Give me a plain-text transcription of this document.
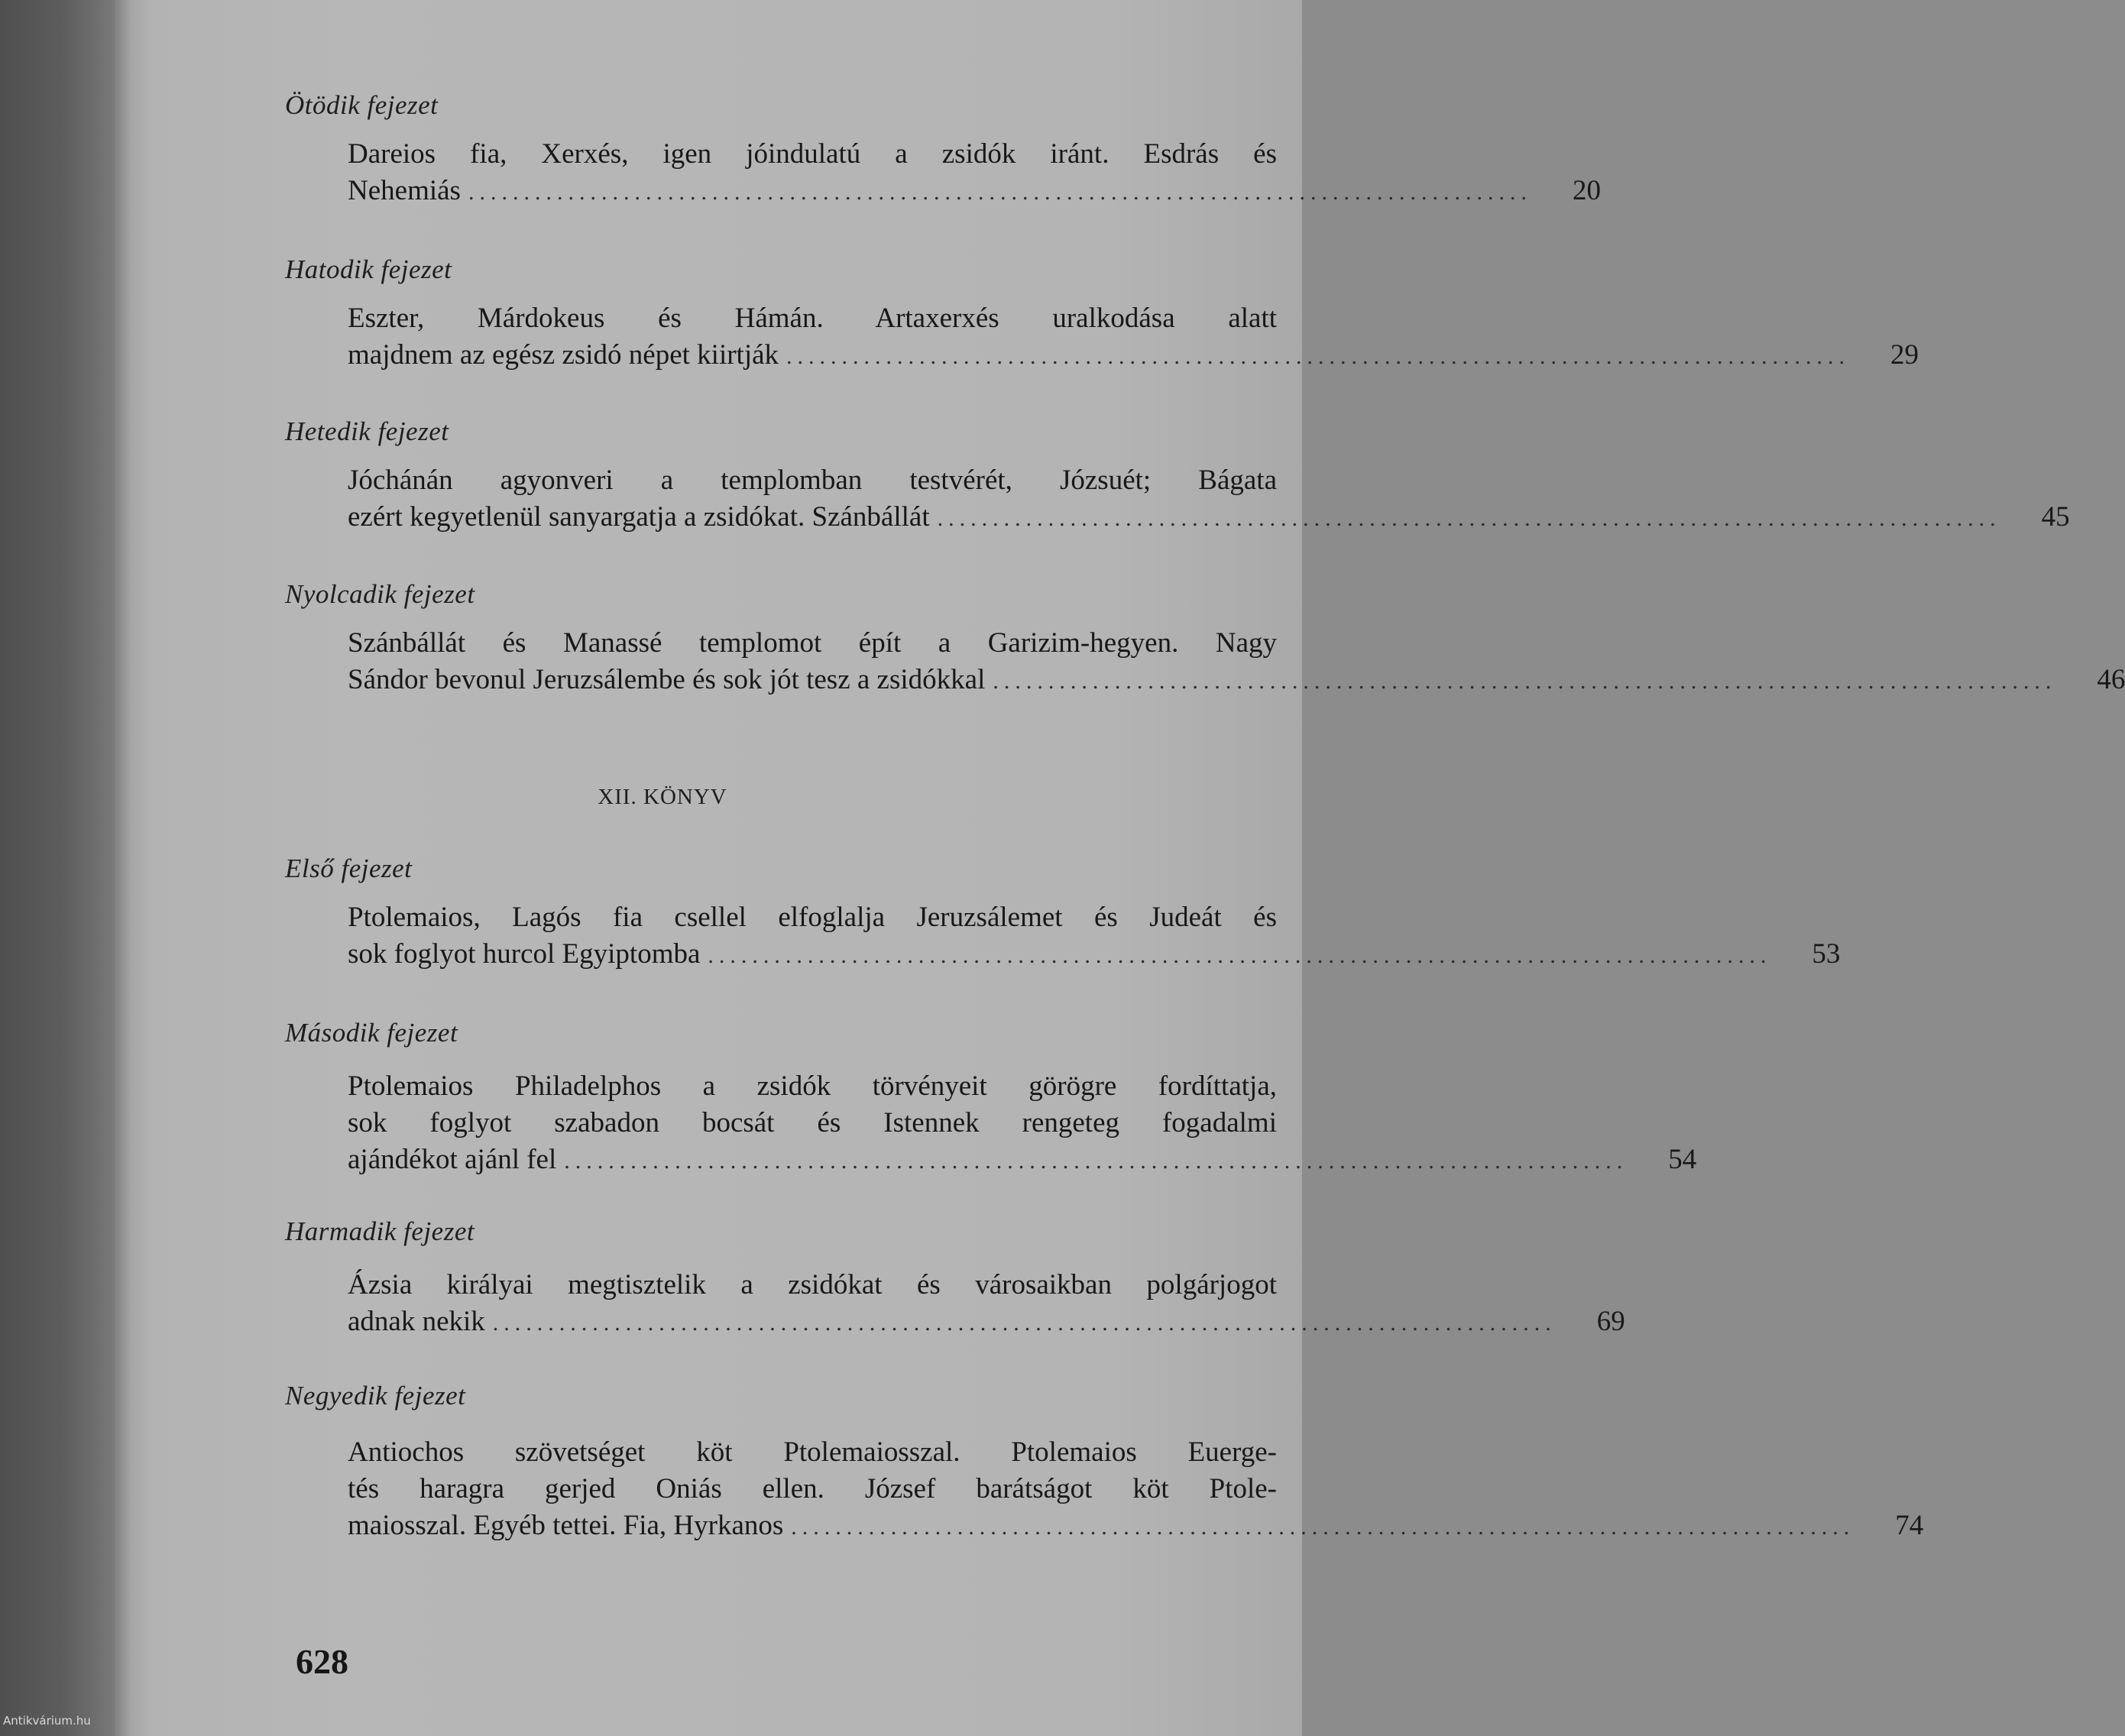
Ötödik fejezet

Dareios fia, Xerxés, igen jóindulatú a zsidók iránt. Esdrás és
Nehemiás ................................................................................................	20

Hatodik fejezet

Eszter, Márdokeus és Hámán. Artaxerxés uralkodása alatt
majdnem az egész zsidó népet kiirtják ................................................................................................	29

Hetedik fejezet

Jóchánán agyonveri a templomban testvérét, Józsuét; Bágata
ezért kegyetlenül sanyargatja a zsidókat. Szánbállát ................................................................................................	45

Nyolcadik fejezet

Szánbállát és Manassé templomot épít a Garizim-hegyen. Nagy
Sándor bevonul Jeruzsálembe és sok jót tesz a zsidókkal ................................................................................................	46
XII. KÖNYV

Első fejezet

Ptolemaios, Lagós fia csellel elfoglalja Jeruzsálemet és Judeát és
sok foglyot hurcol Egyiptomba ................................................................................................	53

Második fejezet

Ptolemaios Philadelphos a zsidók törvényeit görögre fordíttatja,
sok foglyot szabadon bocsát és Istennek rengeteg fogadalmi
ajándékot ajánl fel ................................................................................................	54

Harmadik fejezet

Ázsia királyai megtisztelik a zsidókat és városaikban polgárjogot
adnak nekik ................................................................................................	69

Negyedik fejezet

Antiochos szövetséget köt Ptolemaiosszal. Ptolemaios Euerge-
tés haragra gerjed Oniás ellen. József barátságot köt Ptole-
maiosszal. Egyéb tettei. Fia, Hyrkanos ................................................................................................	74
628
Antikvárium.hu
